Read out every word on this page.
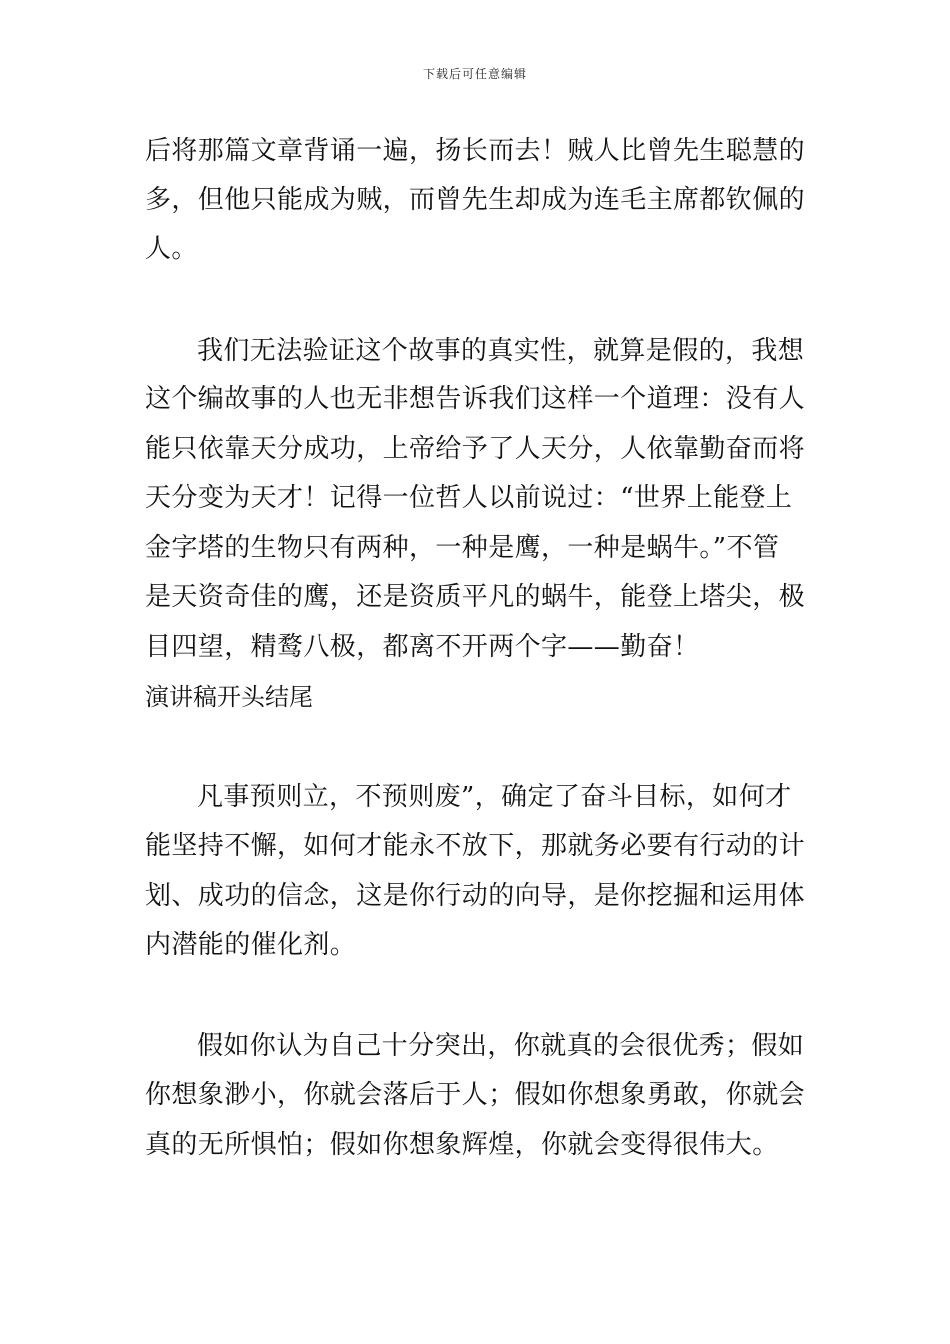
下载后可任意编辑
后将那篇文章背诵一遍，扬长而去！贼人比曾先生聪慧的
多，但他只能成为贼，而曾先生却成为连毛主席都钦佩的
人。
我们无法验证这个故事的真实性，就算是假的，我想
这个编故事的人也无非想告诉我们这样一个道理：没有人
能只依靠天分成功，上帝给予了人天分，人依靠勤奋而将
天分变为天才！记得一位哲人以前说过：“世界上能登上
金字塔的生物只有两种，一种是鹰，一种是蜗牛。”不管
是天资奇佳的鹰，还是资质平凡的蜗牛，能登上塔尖，极
目四望，精鹜八极，都离不开两个字——勤奋！
演讲稿开头结尾
凡事预则立，不预则废”，确定了奋斗目标，如何才
能坚持不懈，如何才能永不放下，那就务必要有行动的计
划、成功的信念，这是你行动的向导，是你挖掘和运用体
内潜能的催化剂。
假如你认为自己十分突出，你就真的会很优秀；假如
你想象渺小，你就会落后于人；假如你想象勇敢，你就会
真的无所惧怕；假如你想象辉煌，你就会变得很伟大。
